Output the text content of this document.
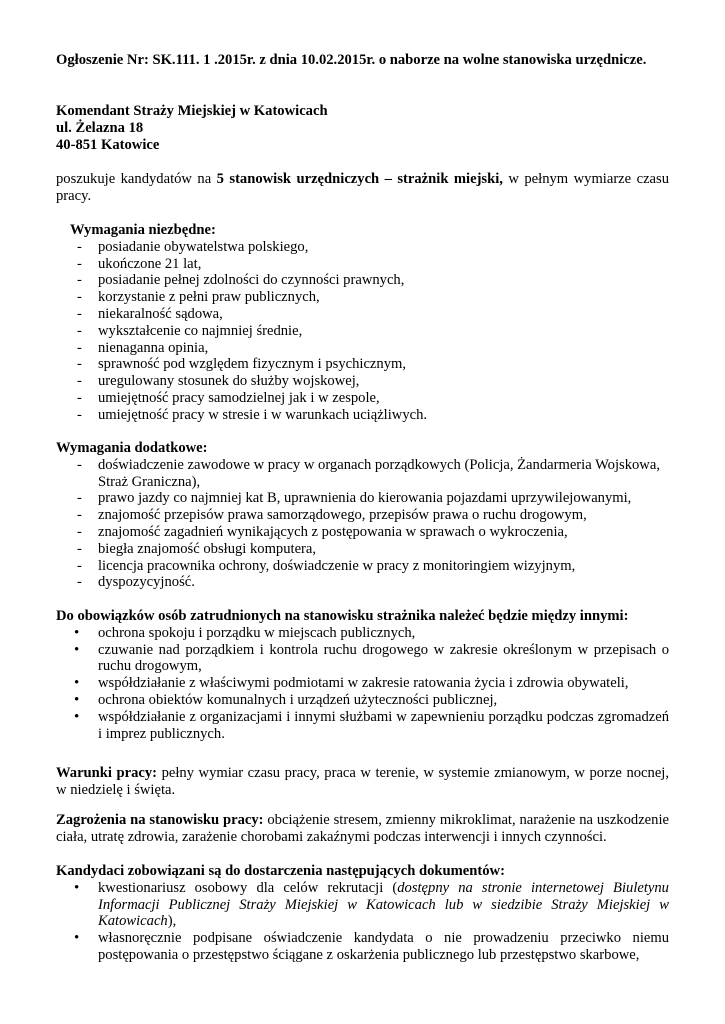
Ogłoszenie Nr: SK.111. 1 .2015r. z dnia 10.02.2015r. o naborze na wolne stanowiska urzędnicze.

Komendant Straży Miejskiej w Katowicach

ul. Żelazna 18

40-851 Katowice

poszukuje kandydatów na 5 stanowisk urzędniczych – strażnik miejski, w pełnym wymiarze czasu pracy.

Wymagania niezbędne:

- posiadanie obywatelstwa polskiego,
- ukończone 21 lat,
- posiadanie pełnej zdolności do czynności prawnych,
- korzystanie z pełni praw publicznych,
- niekaralność sądowa,
- wykształcenie co najmniej średnie,
- nienaganna opinia,
- sprawność pod względem fizycznym i psychicznym,
- uregulowany stosunek do służby wojskowej,
- umiejętność pracy samodzielnej jak i w zespole,
- umiejętność pracy w stresie i w warunkach uciążliwych.

Wymagania dodatkowe:

- doświadczenie zawodowe w pracy w organach porządkowych (Policja, Żandarmeria Wojskowa, Straż Graniczna),
- prawo jazdy co najmniej kat B, uprawnienia do kierowania pojazdami uprzywilejowanymi,
- znajomość przepisów prawa samorządowego, przepisów prawa o ruchu drogowym,
- znajomość zagadnień wynikających z postępowania w sprawach o wykroczenia,
- biegła znajomość obsługi komputera,
- licencja pracownika ochrony, doświadczenie w pracy z monitoringiem wizyjnym,
- dyspozycyjność.

Do obowiązków osób zatrudnionych na stanowisku strażnika należeć będzie między innymi:

• ochrona spokoju i porządku w miejscach publicznych,
• czuwanie nad porządkiem i kontrola ruchu drogowego w zakresie określonym w przepisach o ruchu drogowym,
• współdziałanie z właściwymi podmiotami w zakresie ratowania życia i zdrowia obywateli,
• ochrona obiektów komunalnych i urządzeń użyteczności publicznej,
• współdziałanie z organizacjami i innymi służbami w zapewnieniu porządku podczas zgromadzeń i imprez publicznych.

Warunki pracy: pełny wymiar czasu pracy, praca w terenie, w systemie zmianowym, w porze nocnej, w niedzielę i święta.

Zagrożenia na stanowisku pracy: obciążenie stresem, zmienny mikroklimat, narażenie na uszkodzenie ciała, utratę zdrowia, zarażenie chorobami zakaźnymi podczas interwencji i innych czynności.

Kandydaci zobowiązani są do dostarczenia następujących dokumentów:

• kwestionariusz osobowy dla celów rekrutacji (dostępny na stronie internetowej Biuletynu Informacji Publicznej Straży Miejskiej w Katowicach lub w siedzibie Straży Miejskiej w Katowicach),
• własnoręcznie podpisane oświadczenie kandydata o nie prowadzeniu przeciwko niemu postępowania o przestępstwo ściągane z oskarżenia publicznego lub przestępstwo skarbowe,
